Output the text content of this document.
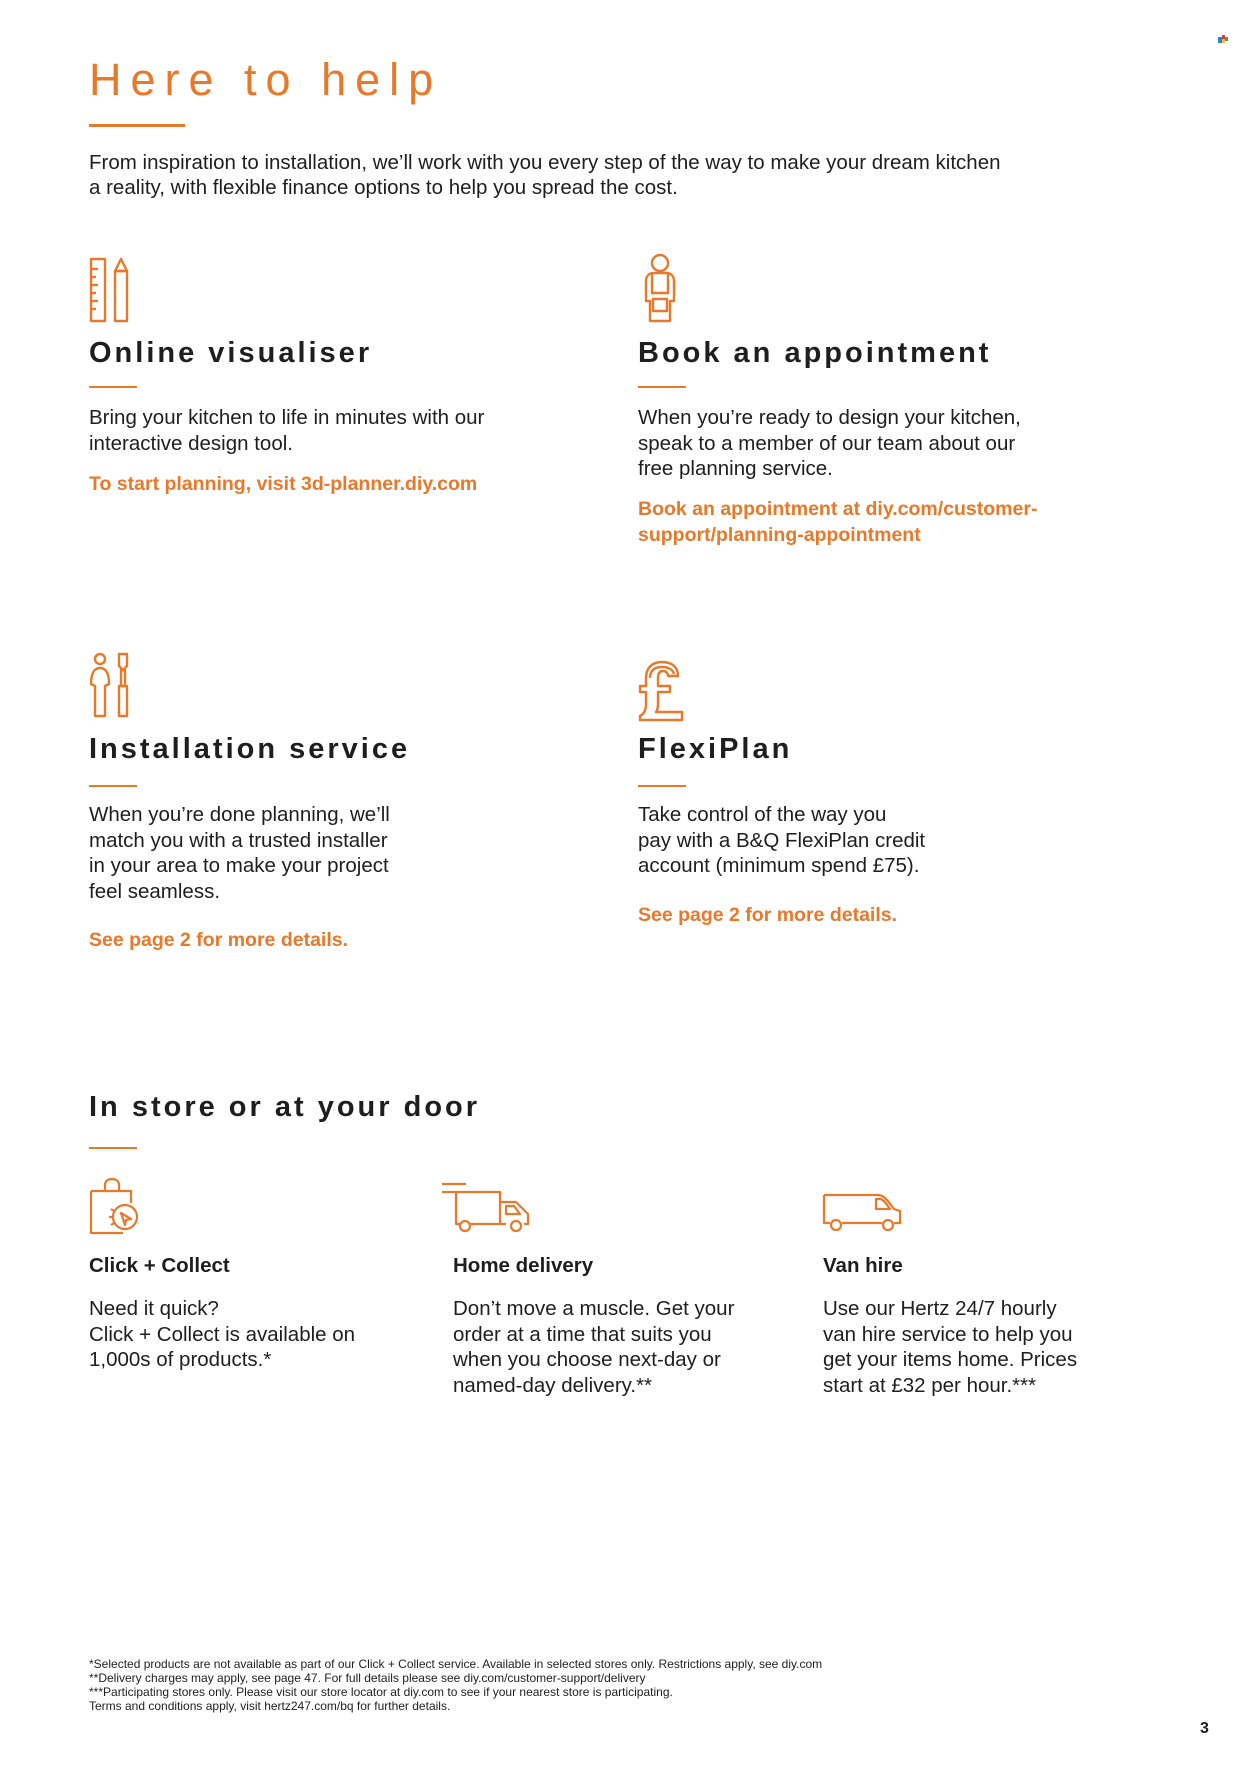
Here to help
From inspiration to installation, we’ll work with you every step of the way to make your dream kitchen
a reality, with flexible finance options to help you spread the cost.
Online visualiser
Bring your kitchen to life in minutes with our
interactive design tool.
To start planning, visit 3d-planner.diy.com
Book an appointment
When you’re ready to design your kitchen,
speak to a member of our team about our
free planning service.
Book an appointment at diy.com/customer-
support/planning-appointment
Installation service
When you’re done planning, we’ll
match you with a trusted installer
in your area to make your project
feel seamless.
See page 2 for more details.
FlexiPlan
Take control of the way you
pay with a B&Q FlexiPlan credit
account (minimum spend £75).
See page 2 for more details.
In store or at your door
Click + Collect
Need it quick?
Click + Collect is available on
1,000s of products.*
Home delivery
Don’t move a muscle. Get your
order at a time that suits you
when you choose next-day or
named-day delivery.**
Van hire
Use our Hertz 24/7 hourly
van hire service to help you
get your items home. Prices
start at £32 per hour.***
*Selected products are not available as part of our Click + Collect service. Available in selected stores only. Restrictions apply, see diy.com
**Delivery charges may apply, see page 47. For full details please see diy.com/customer-support/delivery
***Participating stores only. Please visit our store locator at diy.com to see if your nearest store is participating.
Terms and conditions apply, visit hertz247.com/bq for further details.
3
